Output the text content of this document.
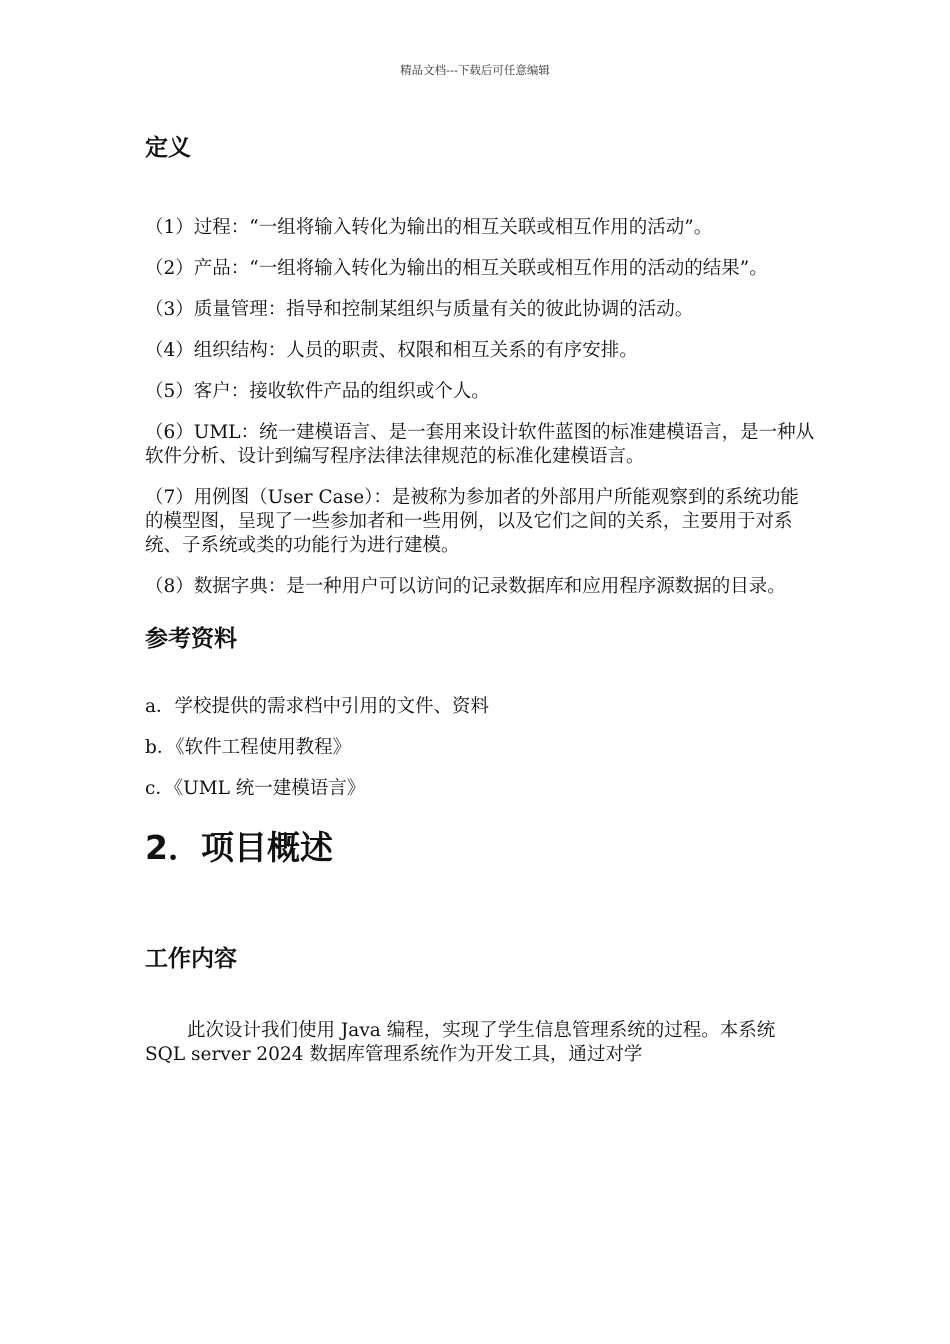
精品文档---下载后可任意编辑
定义

（1）过程：“一组将输入转化为输出的相互关联或相互作用的活动”。

（2）产品：“一组将输入转化为输出的相互关联或相互作用的活动的结果”。

（3）质量管理：指导和控制某组织与质量有关的彼此协调的活动。

（4）组织结构：人员的职责、权限和相互关系的有序安排。

（5）客户：接收软件产品的组织或个人。

（6）UML：统一建模语言、是一套用来设计软件蓝图的标准建模语言，是一种从软件分析、设计到编写程序法律法律规范的标准化建模语言。

（7）用例图（User Case）：是被称为参加者的外部用户所能观察到的系统功能的模型图，呈现了一些参加者和一些用例，以及它们之间的关系，主要用于对系统、子系统或类的功能行为进行建模。

（8）数据字典：是一种用户可以访问的记录数据库和应用程序源数据的目录。

参考资料

a．学校提供的需求档中引用的文件、资料

b．《软件工程使用教程》

c．《UML 统一建模语言》

2．项目概述
工作内容

此次设计我们使用 Java 编程，实现了学生信息管理系统的过程。本系统 SQL server 2024 数据库管理系统作为开发工具，通过对学
